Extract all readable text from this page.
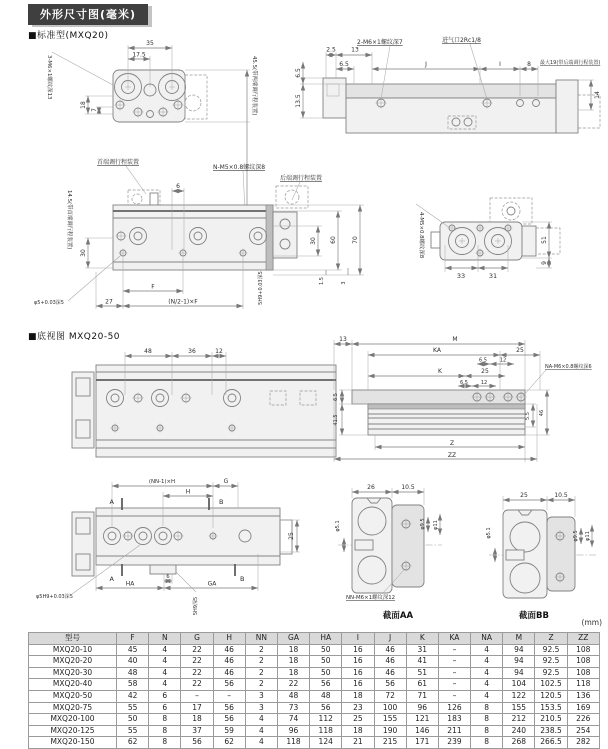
外形尺寸图(毫米)
■标准型(MXQ20)
■底视图 MXQ20-50
(mm)
35
17.5
18
7
3-M6×1螺纹深13	45.5(带两端调行程装置)
2.5	13
6.5	J	I	8 最大19(带后端调行程装置)
6.5
13.5	14
2-M6×1螺纹深7	进气口2Rc1/8
首端调行程装置
N-M5×0.8螺纹深8
后端调行程装置
6
30
14.5(带首端调行程装置)
F
(N/2-1)×F
27
φ5+0.03深5	5H9+0.03深5
30 60	70
1.5	3
4-M5×0.8螺纹深8
33	31
51
9
48	36	12
13	M
KA	25
6.5	12
K	25
6.5	12
NA-M6×0.8螺纹深6
6.5
41.5	5.5 46
Z
ZZ
(NN-1)×H	G
H
A	B
A	B
6
HA	GA
25
φ5H9+0.03深5	5H9深5
26	10.5
φ9.5 φ11
φ5.1
NN-M6×1螺纹深12
截面AA
25	10.5
φ5.1	φ9.5 φ11
截面BB
型号	F	N	G	H	NN	GA	HA	I	J	K	KA	NA	M	Z	ZZ
MXQ20-10	45	4	22	46	2	18	50	16	46	31	–	4	94	92.5	108
MXQ20-20	40	4	22	46	2	18	50	16	46	41	–	4	94	92.5	108
MXQ20-30	48	4	22	46	2	18	50	16	46	51	–	4	94	92.5	108
MXQ20-40	58	4	22	56	2	22	56	16	56	61	–	4	104	102.5	118
MXQ20-50	42	6	–	–	3	48	48	18	72	71	–	4	122	120.5	136
MXQ20-75	55	6	17	56	3	73	56	23	100	96	126	8	155	153.5	169
MXQ20-100	50	8	18	56	4	74	112	25	155	121	183	8	212	210.5	226
MXQ20-125	55	8	37	59	4	96	118	18	190	146	211	8	240	238.5	254
MXQ20-150	62	8	56	62	4	118	124	21	215	171	239	8	268	266.5	282
